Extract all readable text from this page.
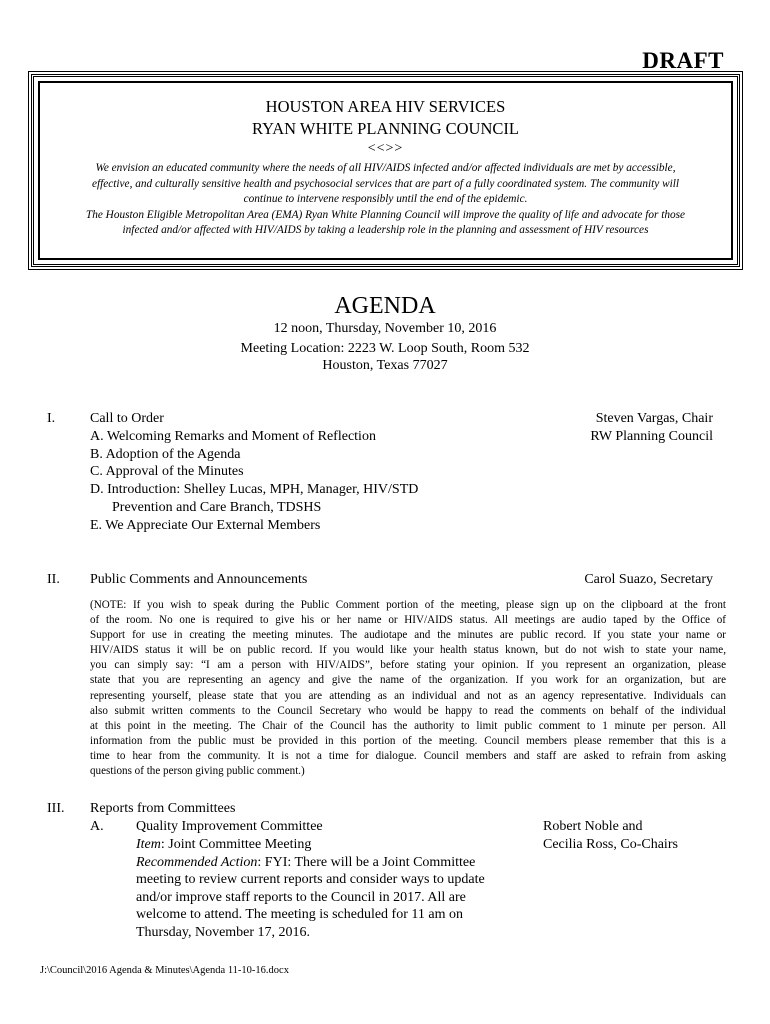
DRAFT
HOUSTON AREA HIV SERVICES
RYAN WHITE PLANNING COUNCIL
<<>>
We envision an educated community where the needs of all HIV/AIDS infected and/or affected individuals are met by accessible,
effective, and culturally sensitive health and psychosocial services that are part of a fully coordinated system. The community will
continue to intervene responsibly until the end of the epidemic.
The Houston Eligible Metropolitan Area (EMA) Ryan White Planning Council will improve the quality of life and advocate for those
infected and/or affected with HIV/AIDS by taking a leadership role in the planning and assessment of HIV resources
AGENDA
12 noon, Thursday, November 10, 2016
Meeting Location: 2223 W. Loop South, Room 532
Houston, Texas 77027
I. Call to Order
A. Welcoming Remarks and Moment of Reflection
B. Adoption of the Agenda
C. Approval of the Minutes
D. Introduction: Shelley Lucas, MPH, Manager, HIV/STD
Prevention and Care Branch, TDSHS
E. We Appreciate Our External Members
Steven Vargas, Chair
RW Planning Council
II. Public Comments and Announcements	Carol Suazo, Secretary
(NOTE: If you wish to speak during the Public Comment portion of the meeting, please sign up on the clipboard at the front
of the room. No one is required to give his or her name or HIV/AIDS status. All meetings are audio taped by the Office of
Support for use in creating the meeting minutes. The audiotape and the minutes are public record. If you state your name or
HIV/AIDS status it will be on public record. If you would like your health status known, but do not wish to state your name,
you can simply say: “I am a person with HIV/AIDS”, before stating your opinion. If you represent an organization, please
state that you are representing an agency and give the name of the organization. If you work for an organization, but are
representing yourself, please state that you are attending as an individual and not as an agency representative. Individuals can
also submit written comments to the Council Secretary who would be happy to read the comments on behalf of the individual
at this point in the meeting. The Chair of the Council has the authority to limit public comment to 1 minute per person. All
information from the public must be provided in this portion of the meeting. Council members please remember that this is a
time to hear from the community. It is not a time for dialogue. Council members and staff are asked to refrain from asking
questions of the person giving public comment.)
III. Reports from Committees
A. Quality Improvement Committee	Robert Noble and
Cecilia Ross, Co-Chairs
Item: Joint Committee Meeting
Recommended Action: FYI: There will be a Joint Committee
meeting to review current reports and consider ways to update
and/or improve staff reports to the Council in 2017. All are
welcome to attend. The meeting is scheduled for 11 am on
Thursday, November 17, 2016.
J:\Council\2016 Agenda & Minutes\Agenda 11-10-16.docx
